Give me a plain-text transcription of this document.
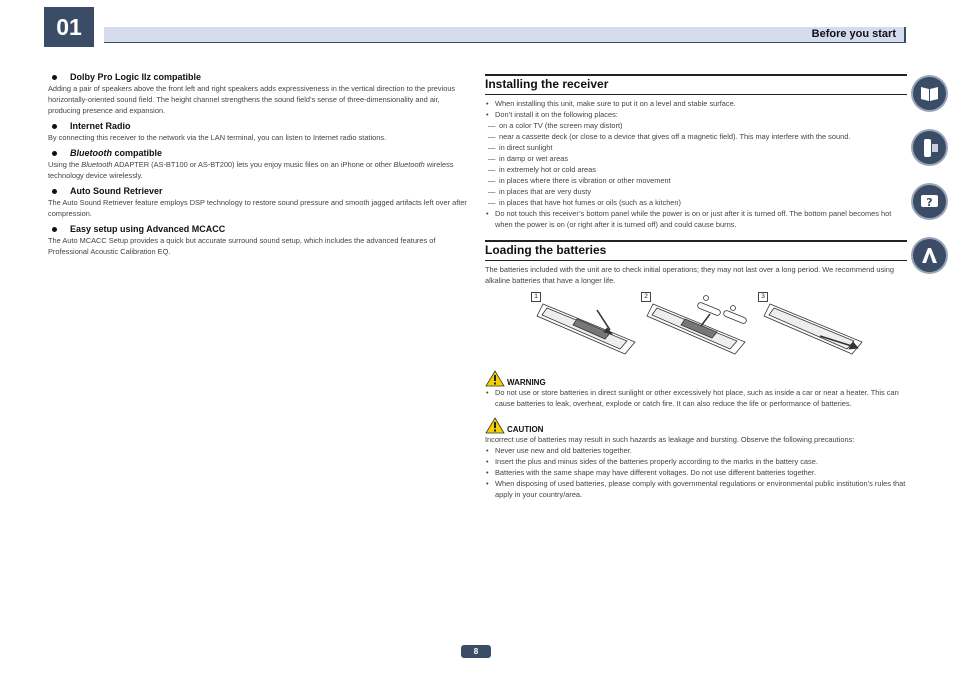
01	Before you start
Dolby Pro Logic IIz compatible
Adding a pair of speakers above the front left and right speakers adds expressiveness in the vertical direction to the previous horizontally-oriented sound field. The height channel strengthens the sound field’s sense of three-dimensionality and air, producing presence and expansion.
Internet Radio
By connecting this receiver to the network via the LAN terminal, you can listen to Internet radio stations.
Bluetooth compatible
Using the Bluetooth ADAPTER (AS-BT100 or AS-BT200) lets you enjoy music files on an iPhone or other Bluetooth wireless technology device wirelessly.
Auto Sound Retriever
The Auto Sound Retriever feature employs DSP technology to restore sound pressure and smooth jagged artifacts left over after compression.
Easy setup using Advanced MCACC
The Auto MCACC Setup provides a quick but accurate surround sound setup, which includes the advanced features of Professional Acoustic Calibration EQ.
Installing the receiver
• When installing this unit, make sure to put it on a level and stable surface.
• Don’t install it on the following places:
— on a color TV (the screen may distort)
— near a cassette deck (or close to a device that gives off a magnetic field). This may interfere with the sound.
— in direct sunlight
— in damp or wet areas
— in extremely hot or cold areas
— in places where there is vibration or other movement
— in places that are very dusty
— in places that have hot fumes or oils (such as a kitchen)
• Do not touch this receiver’s bottom panel while the power is on or just after it is turned off. The bottom panel becomes hot when the power is on (or right after it is turned off) and could cause burns.
Loading the batteries
The batteries included with the unit are to check initial operations; they may not last over a long period. We recommend using alkaline batteries that have a longer life.
1	2	3
WARNING
• Do not use or store batteries in direct sunlight or other excessively hot place, such as inside a car or near a heater. This can cause batteries to leak, overheat, explode or catch fire. It can also reduce the life or performance of batteries.
CAUTION
Incorrect use of batteries may result in such hazards as leakage and bursting. Observe the following precautions:
• Never use new and old batteries together.
• Insert the plus and minus sides of the batteries properly according to the marks in the battery case.
• Batteries with the same shape may have different voltages. Do not use different batteries together.
• When disposing of used batteries, please comply with governmental regulations or environmental public institution’s rules that apply in your country/area.
?
8
